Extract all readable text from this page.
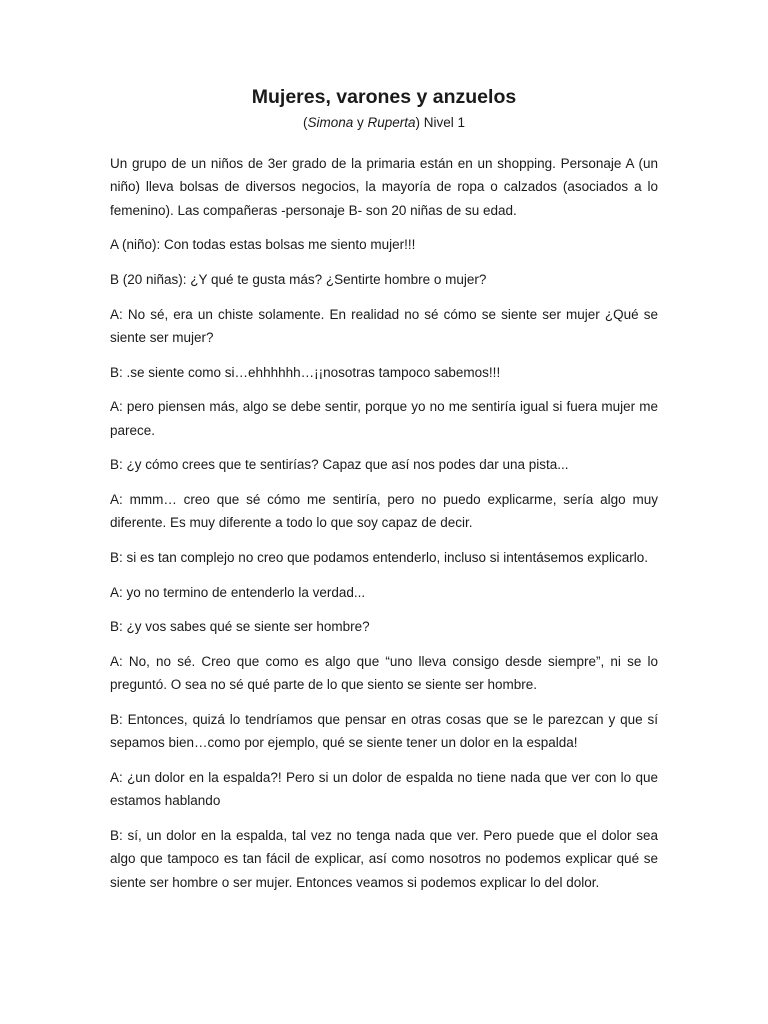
Mujeres, varones y anzuelos

(Simona y Ruperta) Nivel 1

Un grupo de un niños de 3er grado de la primaria están en un shopping. Personaje A (un niño) lleva bolsas de diversos negocios, la mayoría de ropa o calzados (asociados a lo femenino). Las compañeras -personaje B- son 20 niñas de su edad.

A (niño): Con todas estas bolsas me siento mujer!!!

B (20 niñas): ¿Y qué te gusta más? ¿Sentirte hombre o mujer?

A: No sé, era un chiste solamente. En realidad no sé cómo se siente ser mujer ¿Qué se siente ser mujer?

B: .se siente como si…ehhhhhh…¡¡nosotras tampoco sabemos!!!

A: pero piensen más, algo se debe sentir, porque yo no me sentiría igual si fuera mujer me parece.

B: ¿y cómo crees que te sentirías? Capaz que así nos podes dar una pista...

A: mmm… creo que sé cómo me sentiría, pero no puedo explicarme, sería algo muy diferente. Es muy diferente a todo lo que soy capaz de decir.

B: si es tan complejo no creo que podamos entenderlo, incluso si intentásemos explicarlo.

A: yo no termino de entenderlo la verdad...

B: ¿y vos sabes qué se siente ser hombre?

A: No, no sé. Creo que como es algo que “uno lleva consigo desde siempre”, ni se lo preguntó. O sea no sé qué parte de lo que siento se siente ser hombre.

B: Entonces, quizá lo tendríamos que pensar en otras cosas que se le parezcan y que sí sepamos bien…como por ejemplo, qué se siente tener un dolor en la espalda!

A: ¿un dolor en la espalda?! Pero si un dolor de espalda no tiene nada que ver con lo que estamos hablando

B: sí, un dolor en la espalda, tal vez no tenga nada que ver. Pero puede que el dolor sea algo que tampoco es tan fácil de explicar, así como nosotros no podemos explicar qué se siente ser hombre o ser mujer. Entonces veamos si podemos explicar lo del dolor.
